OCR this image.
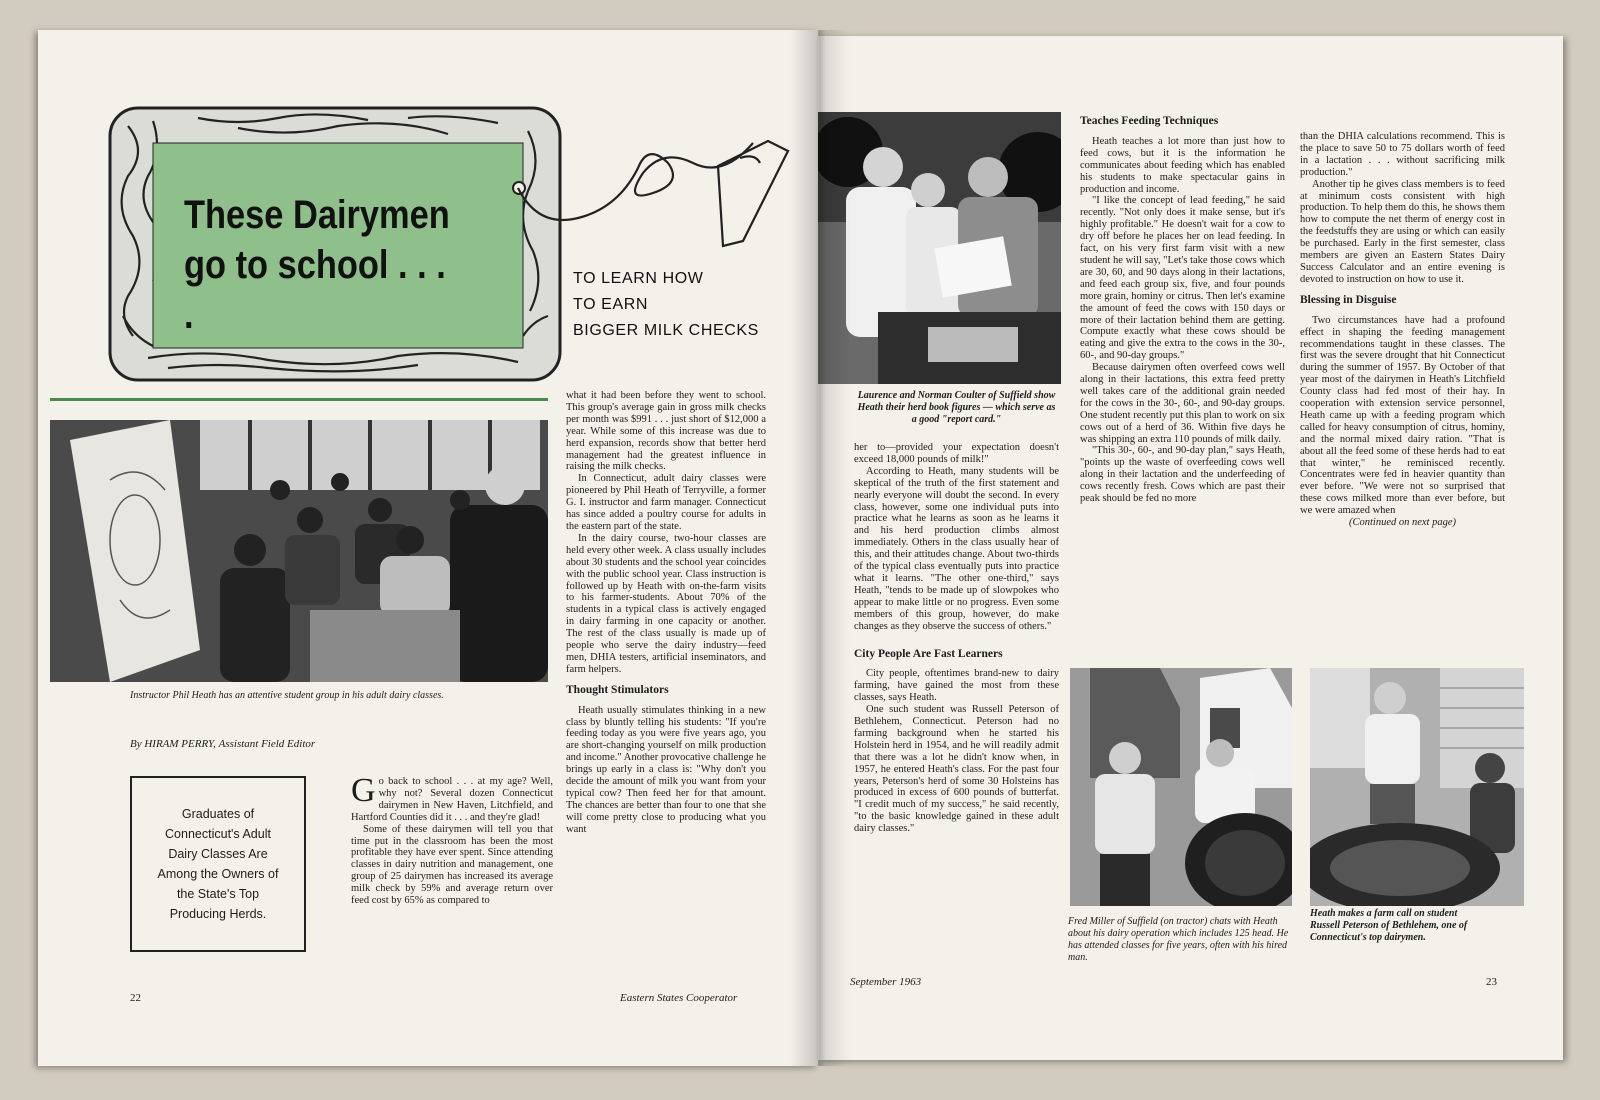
These Dairymen
go to school . . . .
TO LEARN HOW
TO EARN
BIGGER MILK CHECKS
Instructor Phil Heath has an attentive student group in his adult dairy classes.
By HIRAM PERRY, Assistant Field Editor
Graduates of Connecticut's Adult Dairy Classes Are Among the Owners of the State's Top Producing Herds.

Go back to school . . . at my age? Well, why not? Several dozen Connecticut dairymen in New Haven, Litchfield, and Hartford Counties did it . . . and they're glad!

Some of these dairymen will tell you that time put in the classroom has been the most profitable they have ever spent. Since attending classes in dairy nutrition and management, one group of 25 dairymen has increased its average milk check by 59% and average return over feed cost by 65% as compared to

what it had been before they went to school. This group's average gain in gross milk checks per month was $991 . . . just short of $12,000 a year. While some of this increase was due to herd expansion, records show that better herd management had the greatest influence in raising the milk checks.

In Connecticut, adult dairy classes were pioneered by Phil Heath of Terryville, a former G. I. instructor and farm manager. Connecticut has since added a poultry course for adults in the eastern part of the state.

In the dairy course, two-hour classes are held every other week. A class usually includes about 30 students and the school year coincides with the public school year. Class instruction is followed up by Heath with on-the-farm visits to his farmer-students. About 70% of the students in a typical class is actively engaged in dairy farming in one capacity or another. The rest of the class usually is made up of people who serve the dairy industry—feed men, DHIA testers, artificial inseminators, and farm helpers.

Thought Stimulators

Heath usually stimulates thinking in a new class by bluntly telling his students: "If you're feeding today as you were five years ago, you are short-changing yourself on milk production and income." Another provocative challenge he brings up early in a class is: "Why don't you decide the amount of milk you want from your typical cow? Then feed her for that amount. The chances are better than four to one that she will come pretty close to producing what you want

22	Eastern States Cooperator
Laurence and Norman Coulter of Suffield show Heath their herd book figures — which serve as a good "report card."

her to—provided your expectation doesn't exceed 18,000 pounds of milk!"

According to Heath, many students will be skeptical of the truth of the first statement and nearly everyone will doubt the second. In every class, however, some one individual puts into practice what he learns as soon as he learns it and his herd production climbs almost immediately. Others in the class usually hear of this, and their attitudes change. About two-thirds of the typical class eventually puts into practice what it learns. "The other one-third," says Heath, "tends to be made up of slowpokes who appear to make little or no progress. Even some members of this group, however, do make changes as they observe the success of others."

City People Are Fast Learners

City people, oftentimes brand-new to dairy farming, have gained the most from these classes, says Heath.

One such student was Russell Peterson of Bethlehem, Connecticut. Peterson had no farming background when he started his Holstein herd in 1954, and he will readily admit that there was a lot he didn't know when, in 1957, he entered Heath's class. For the past four years, Peterson's herd of some 30 Holsteins has produced in excess of 600 pounds of butterfat. "I credit much of my success," he said recently, "to the basic knowledge gained in these adult dairy classes."

Teaches Feeding Techniques

Heath teaches a lot more than just how to feed cows, but it is the information he communicates about feeding which has enabled his students to make spectacular gains in production and income.

"I like the concept of lead feeding," he said recently. "Not only does it make sense, but it's highly profitable." He doesn't wait for a cow to dry off before he places her on lead feeding. In fact, on his very first farm visit with a new student he will say, "Let's take those cows which are 30, 60, and 90 days along in their lactations, and feed each group six, five, and four pounds more grain, hominy or citrus. Then let's examine the amount of feed the cows with 150 days or more of their lactation behind them are getting. Compute exactly what these cows should be eating and give the extra to the cows in the 30-, 60-, and 90-day groups."

Because dairymen often overfeed cows well along in their lactations, this extra feed pretty well takes care of the additional grain needed for the cows in the 30-, 60-, and 90-day groups. One student recently put this plan to work on six cows out of a herd of 36. Within five days he was shipping an extra 110 pounds of milk daily.

"This 30-, 60-, and 90-day plan," says Heath, "points up the waste of overfeeding cows well along in their lactation and the underfeeding of cows recently fresh. Cows which are past their peak should be fed no more

than the DHIA calculations recommend. This is the place to save 50 to 75 dollars worth of feed in a lactation . . . without sacrificing milk production."

Another tip he gives class members is to feed at minimum costs consistent with high production. To help them do this, he shows them how to compute the net therm of energy cost in the feedstuffs they are using or which can easily be purchased. Early in the first semester, class members are given an Eastern States Dairy Success Calculator and an entire evening is devoted to instruction on how to use it.

Blessing in Disguise

Two circumstances have had a profound effect in shaping the feeding management recommendations taught in these classes. The first was the severe drought that hit Connecticut during the summer of 1957. By October of that year most of the dairymen in Heath's Litchfield County class had fed most of their hay. In cooperation with extension service personnel, Heath came up with a feeding program which called for heavy consumption of citrus, hominy, and the normal mixed dairy ration. "That is about all the feed some of these herds had to eat that winter," he reminisced recently. Concentrates were fed in heavier quantity than ever before. "We were not so surprised that these cows milked more than ever before, but we were amazed when

(Continued on next page)

Fred Miller of Suffield (on tractor) chats with Heath about his dairy operation which includes 125 head. He has attended classes for five years, often with his hired man.
Heath makes a farm call on student Russell Peterson of Bethlehem, one of Connecticut's top dairymen.
September 1963	23
